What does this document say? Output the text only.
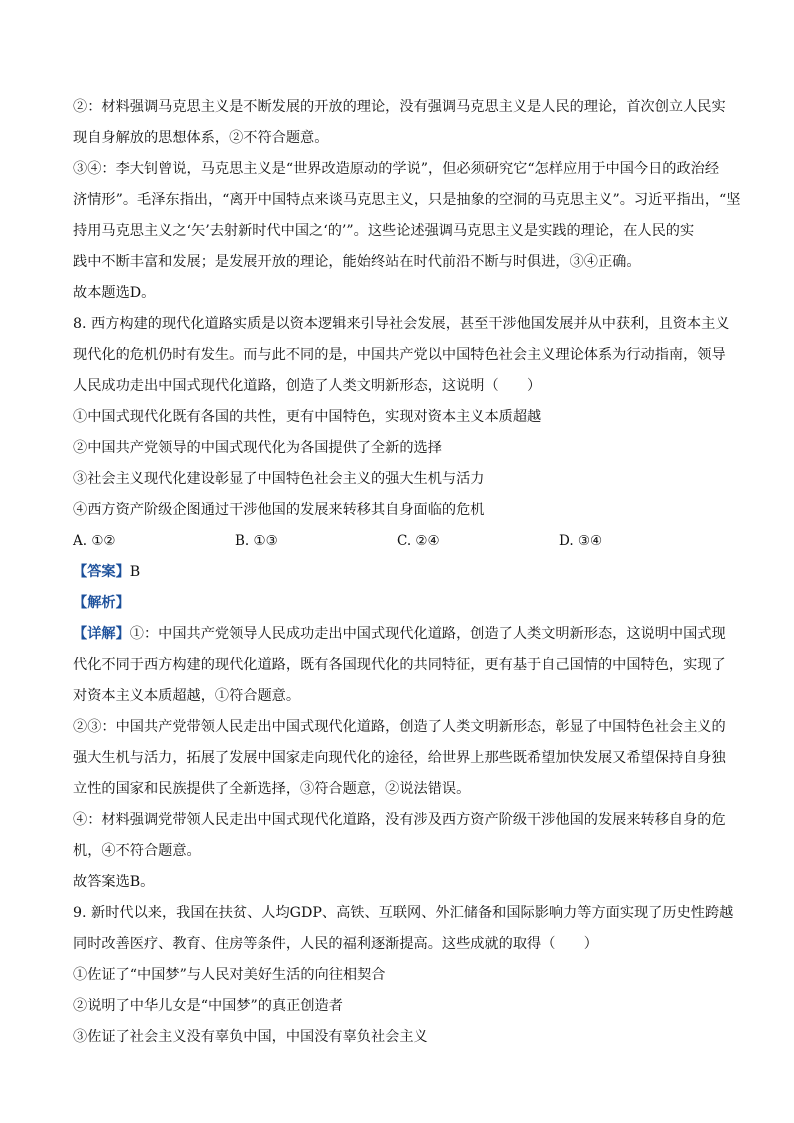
②：材料强调马克思主义是不断发展的开放的理论，没有强调马克思主义是人民的理论，首次创立人民实

现自身解放的思想体系，②不符合题意。

③④：李大钊曾说，马克思主义是“世界改造原动的学说”，但必须研究它“怎样应用于中国今日的政治经

济情形”。毛泽东指出，“离开中国特点来谈马克思主义，只是抽象的空洞的马克思主义”。习近平指出，“坚

持用马克思主义之‘矢’去射新时代中国之‘的’”。这些论述强调马克思主义是实践的理论，在人民的实

践中不断丰富和发展；是发展开放的理论，能始终站在时代前沿不断与时俱进，③④正确。

故本题选D。

8. 西方构建的现代化道路实质是以资本逻辑来引导社会发展，甚至干涉他国发展并从中获利，且资本主义

现代化的危机仍时有发生。而与此不同的是，中国共产党以中国特色社会主义理论体系为行动指南，领导

人民成功走出中国式现代化道路，创造了人类文明新形态，这说明（　　）

①中国式现代化既有各国的共性，更有中国特色，实现对资本主义本质超越

②中国共产党领导的中国式现代化为各国提供了全新的选择

③社会主义现代化建设彰显了中国特色社会主义的强大生机与活力

④西方资产阶级企图通过干涉他国的发展来转移其自身面临的危机

A. ①②	B. ①③	C. ②④	D. ③④

【答案】B

【解析】

【详解】①：中国共产党领导人民成功走出中国式现代化道路，创造了人类文明新形态，这说明中国式现

代化不同于西方构建的现代化道路，既有各国现代化的共同特征，更有基于自己国情的中国特色，实现了

对资本主义本质超越，①符合题意。

②③：中国共产党带领人民走出中国式现代化道路，创造了人类文明新形态，彰显了中国特色社会主义的

强大生机与活力，拓展了发展中国家走向现代化的途径，给世界上那些既希望加快发展又希望保持自身独

立性的国家和民族提供了全新选择，③符合题意，②说法错误。

④：材料强调党带领人民走出中国式现代化道路，没有涉及西方资产阶级干涉他国的发展来转移自身的危

机，④不符合题意。

故答案选B。

9. 新时代以来，我国在扶贫、人均GDP、高铁、互联网、外汇储备和国际影响力等方面实现了历史性跨越

同时改善医疗、教育、住房等条件，人民的福利逐渐提高。这些成就的取得（　　）

①佐证了“中国梦”与人民对美好生活的向往相契合

②说明了中华儿女是“中国梦”的真正创造者

③佐证了社会主义没有辜负中国，中国没有辜负社会主义
